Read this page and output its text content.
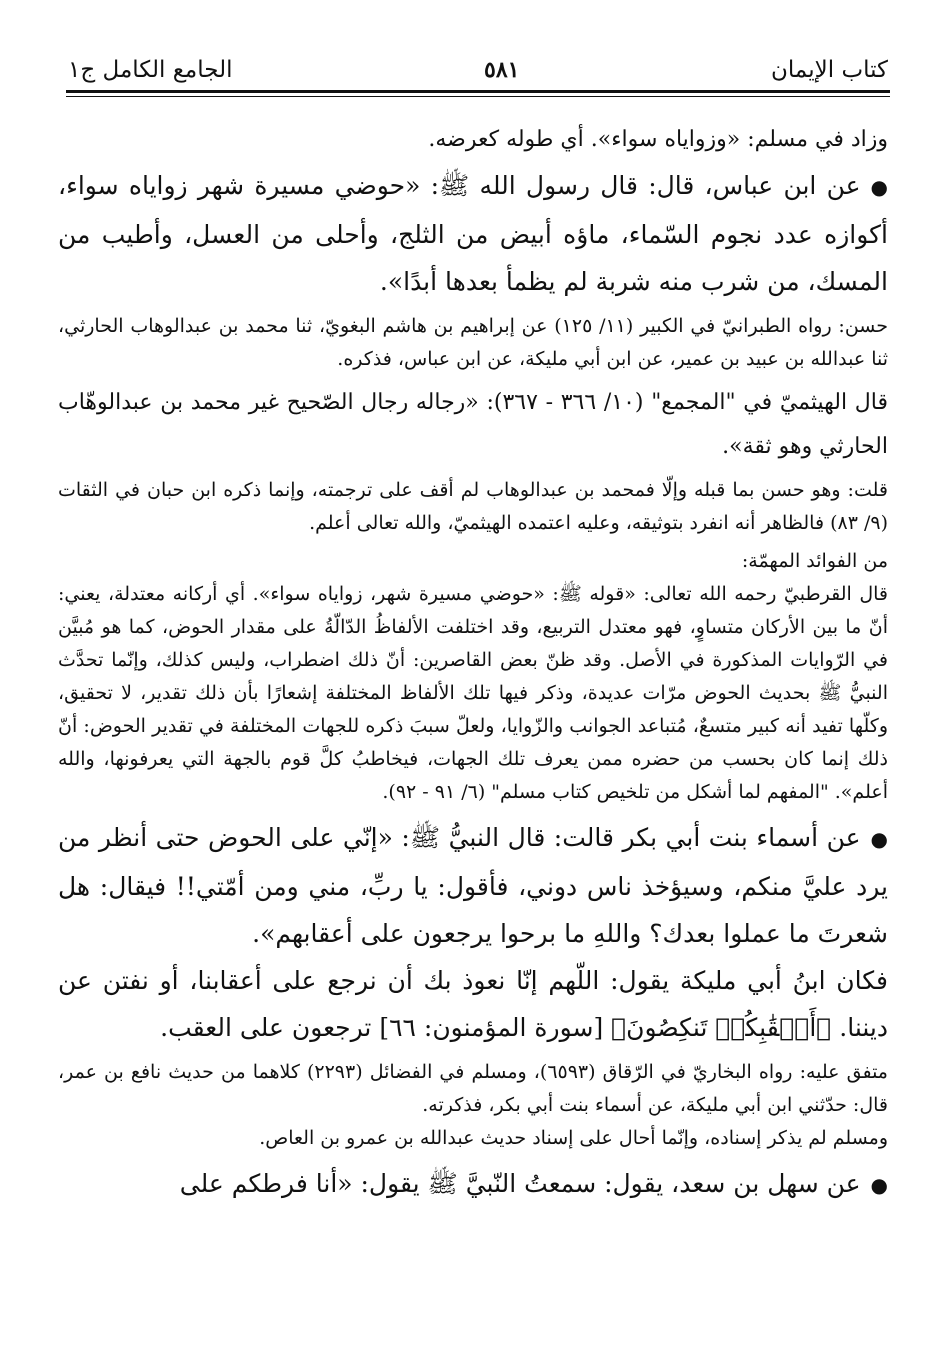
كتاب الإيمان
٥٨١
الجامع الكامل ج١

وزاد في مسلم: «وزواياه سواء». أي طوله كعرضه.

●عن ابن عباس، قال: قال رسول الله ﷺ: «حوضي مسيرة شهر زواياه سواء، أكوازه عدد نجوم السّماء، ماؤه أبيض من الثلج، وأحلى من العسل، وأطيب من المسك، من شرب منه شربة لم يظمأ بعدها أبدًا».

حسن: رواه الطبرانيّ في الكبير (١١/ ١٢٥) عن إبراهيم بن هاشم البغويّ، ثنا محمد بن عبدالوهاب الحارثي، ثنا عبدالله بن عبيد بن عمير، عن ابن أبي مليكة، عن ابن عباس، فذكره.

قال الهيثميّ في "المجمع" (١٠/ ٣٦٦ - ٣٦٧): «رجاله رجال الصّحيح غير محمد بن عبدالوهّاب الحارثي وهو ثقة».

قلت: وهو حسن بما قبله وإلّا فمحمد بن عبدالوهاب لم أقف على ترجمته، وإنما ذكره ابن حبان في الثقات (٩/ ٨٣) فالظاهر أنه انفرد بتوثيقه، وعليه اعتمده الهيثميّ، والله تعالى أعلم.

من الفوائد المهمّة:

قال القرطبيّ رحمه الله تعالى: «قوله ﷺ: «حوضي مسيرة شهر، زواياه سواء». أي أركانه معتدلة، يعني: أنّ ما بين الأركان متساوٍ، فهو معتدل التربيع، وقد اختلفت الألفاظُ الدّالّةُ على مقدار الحوض، كما هو مُبيَّن في الرّوايات المذكورة في الأصل. وقد ظنّ بعض القاصرين: أنّ ذلك اضطراب، وليس كذلك، وإنّما تحدَّث النبيُّ ﷺ بحديث الحوض مرّات عديدة، وذكر فيها تلك الألفاظ المختلفة إشعارًا بأن ذلك تقدير، لا تحقيق، وكلّها تفيد أنه كبير متسعٌ، مُتباعد الجوانب والزّوايا، ولعلّ سببَ ذكره للجهات المختلفة في تقدير الحوض: أنّ ذلك إنما كان بحسب من حضره ممن يعرف تلك الجهات، فيخاطبُ كلَّ قوم بالجهة التي يعرفونها، والله أعلم». "المفهم لما أشكل من تلخيص كتاب مسلم" (٦/ ٩١ - ٩٢).

●عن أسماء بنت أبي بكر قالت: قال النبيُّ ﷺ: «إنّي على الحوض حتى أنظر من يرد عليَّ منكم، وسيؤخذ ناس دوني، فأقول: يا ربِّ، مني ومن أمّتي!! فيقال: هل شعرتَ ما عملوا بعدك؟ واللهِ ما برحوا يرجعون على أعقابهم».

فكان ابنُ أبي مليكة يقول: اللّهم إنّا نعوذ بك أن نرجع على أعقابنا، أو نفتن عن ديننا. ﴿أَعۡقَٰبِكُمۡ تَنكِصُونَ﴾ [سورة المؤمنون: ٦٦] ترجعون على العقب.

متفق عليه: رواه البخاريّ في الرّقاق (٦٥٩٣)، ومسلم في الفضائل (٢٢٩٣) كلاهما من حديث نافع بن عمر، قال: حدّثني ابن أبي مليكة، عن أسماء بنت أبي بكر، فذكرته.

ومسلم لم يذكر إسناده، وإنّما أحال على إسناد حديث عبدالله بن عمرو بن العاص.

●عن سهل بن سعد، يقول: سمعتُ النّبيَّ ﷺ يقول: «أنا فرطكم على
